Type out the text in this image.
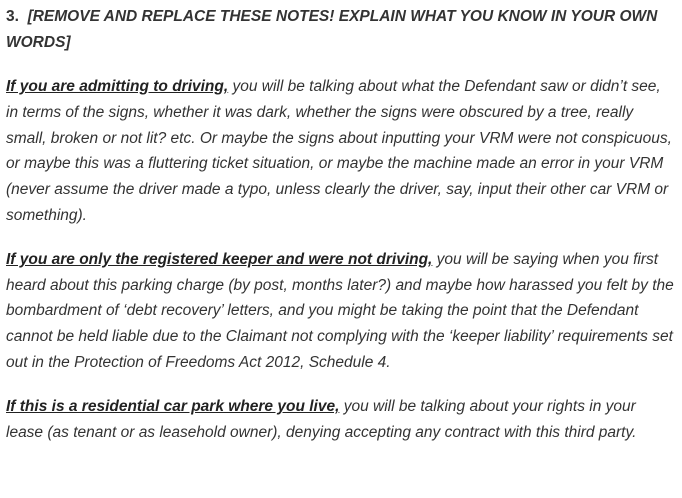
3. [REMOVE AND REPLACE THESE NOTES! EXPLAIN WHAT YOU KNOW IN YOUR OWN WORDS]

If you are admitting to driving, you will be talking about what the Defendant saw or didn’t see, in terms of the signs, whether it was dark, whether the signs were obscured by a tree, really small, broken or not lit? etc. Or maybe the signs about inputting your VRM were not conspicuous, or maybe this was a fluttering ticket situation, or maybe the machine made an error in your VRM (never assume the driver made a typo, unless clearly the driver, say, input their other car VRM or something).

If you are only the registered keeper and were not driving, you will be saying when you first heard about this parking charge (by post, months later?) and maybe how harassed you felt by the bombardment of ‘debt recovery’ letters, and you might be taking the point that the Defendant cannot be held liable due to the Claimant not complying with the ‘keeper liability’ requirements set out in the Protection of Freedoms Act 2012, Schedule 4.

If this is a residential car park where you live, you will be talking about your rights in your lease (as tenant or as leasehold owner), denying accepting any contract with this third party.
